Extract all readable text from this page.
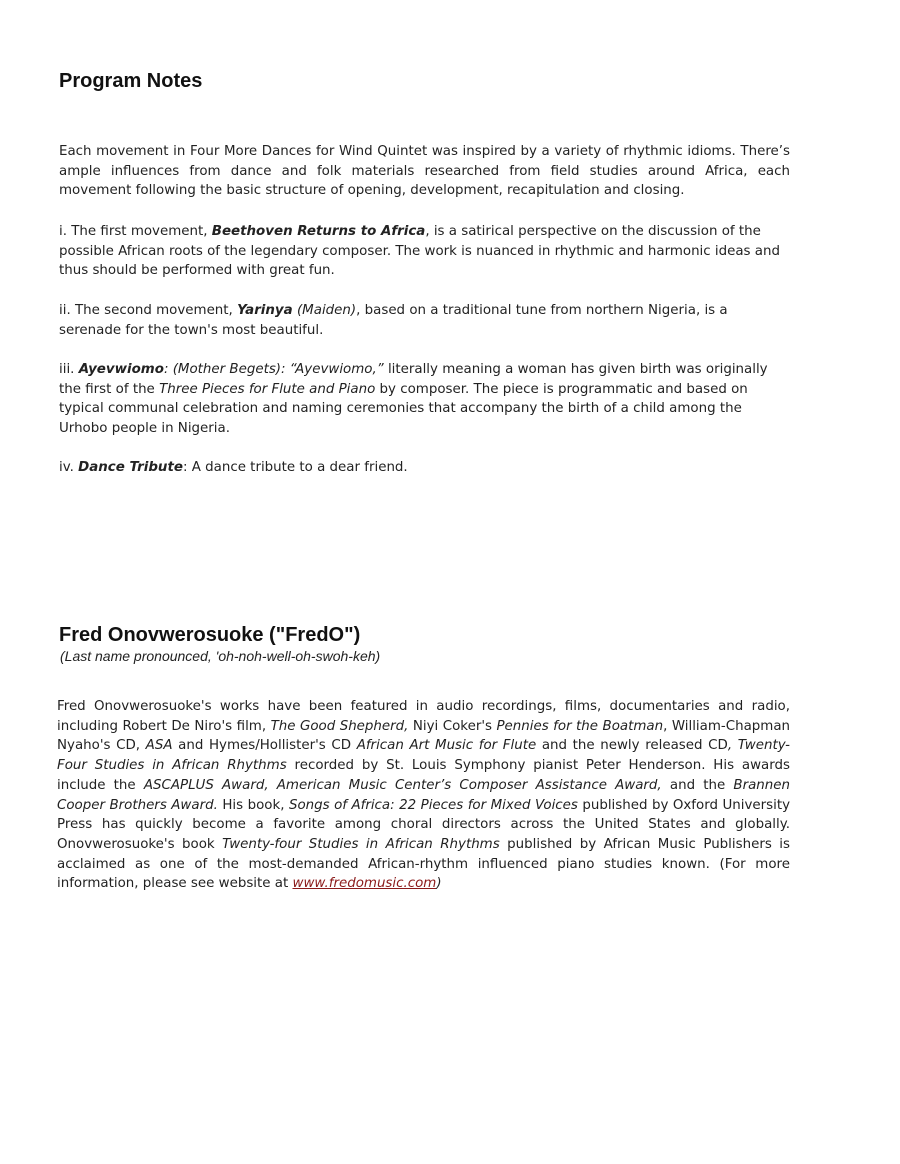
Program Notes

Each movement in Four More Dances for Wind Quintet was inspired by a variety of rhythmic idioms. There’s ample influences from dance and folk materials researched from field studies around Africa, each movement following the basic structure of opening, development, recapitulation and closing.

i. The first movement, Beethoven Returns to Africa, is a satirical perspective on the discussion of the possible African roots of the legendary composer. The work is nuanced in rhythmic and harmonic ideas and thus should be performed with great fun.

ii. The second movement, Yarinya (Maiden), based on a traditional tune from northern Nigeria, is a serenade for the town's most beautiful.

iii. Ayevwiomo: (Mother Begets): “Ayevwiomo,” literally meaning a woman has given birth was originally the first of the Three Pieces for Flute and Piano by composer. The piece is programmatic and based on typical communal celebration and naming ceremonies that accompany the birth of a child among the Urhobo people in Nigeria.

iv. Dance Tribute: A dance tribute to a dear friend.

Fred Onovwerosuoke ("FredO")

(Last name pronounced, 'oh-noh-well-oh-swoh-keh)

Fred Onovwerosuoke's works have been featured in audio recordings, films, documentaries and radio, including Robert De Niro's film, The Good Shepherd, Niyi Coker's Pennies for the Boatman, William-Chapman Nyaho's CD, ASA and Hymes/Hollister's CD African Art Music for Flute and the newly released CD, Twenty-Four Studies in African Rhythms recorded by St. Louis Symphony pianist Peter Henderson. His awards include the ASCAPLUS Award, American Music Center’s Composer Assistance Award, and the Brannen Cooper Brothers Award. His book, Songs of Africa: 22 Pieces for Mixed Voices published by Oxford University Press has quickly become a favorite among choral directors across the United States and globally. Onovwerosuoke's book Twenty-four Studies in African Rhythms published by African Music Publishers is acclaimed as one of the most-demanded African-rhythm influenced piano studies known. (For more information, please see website at www.fredomusic.com)
